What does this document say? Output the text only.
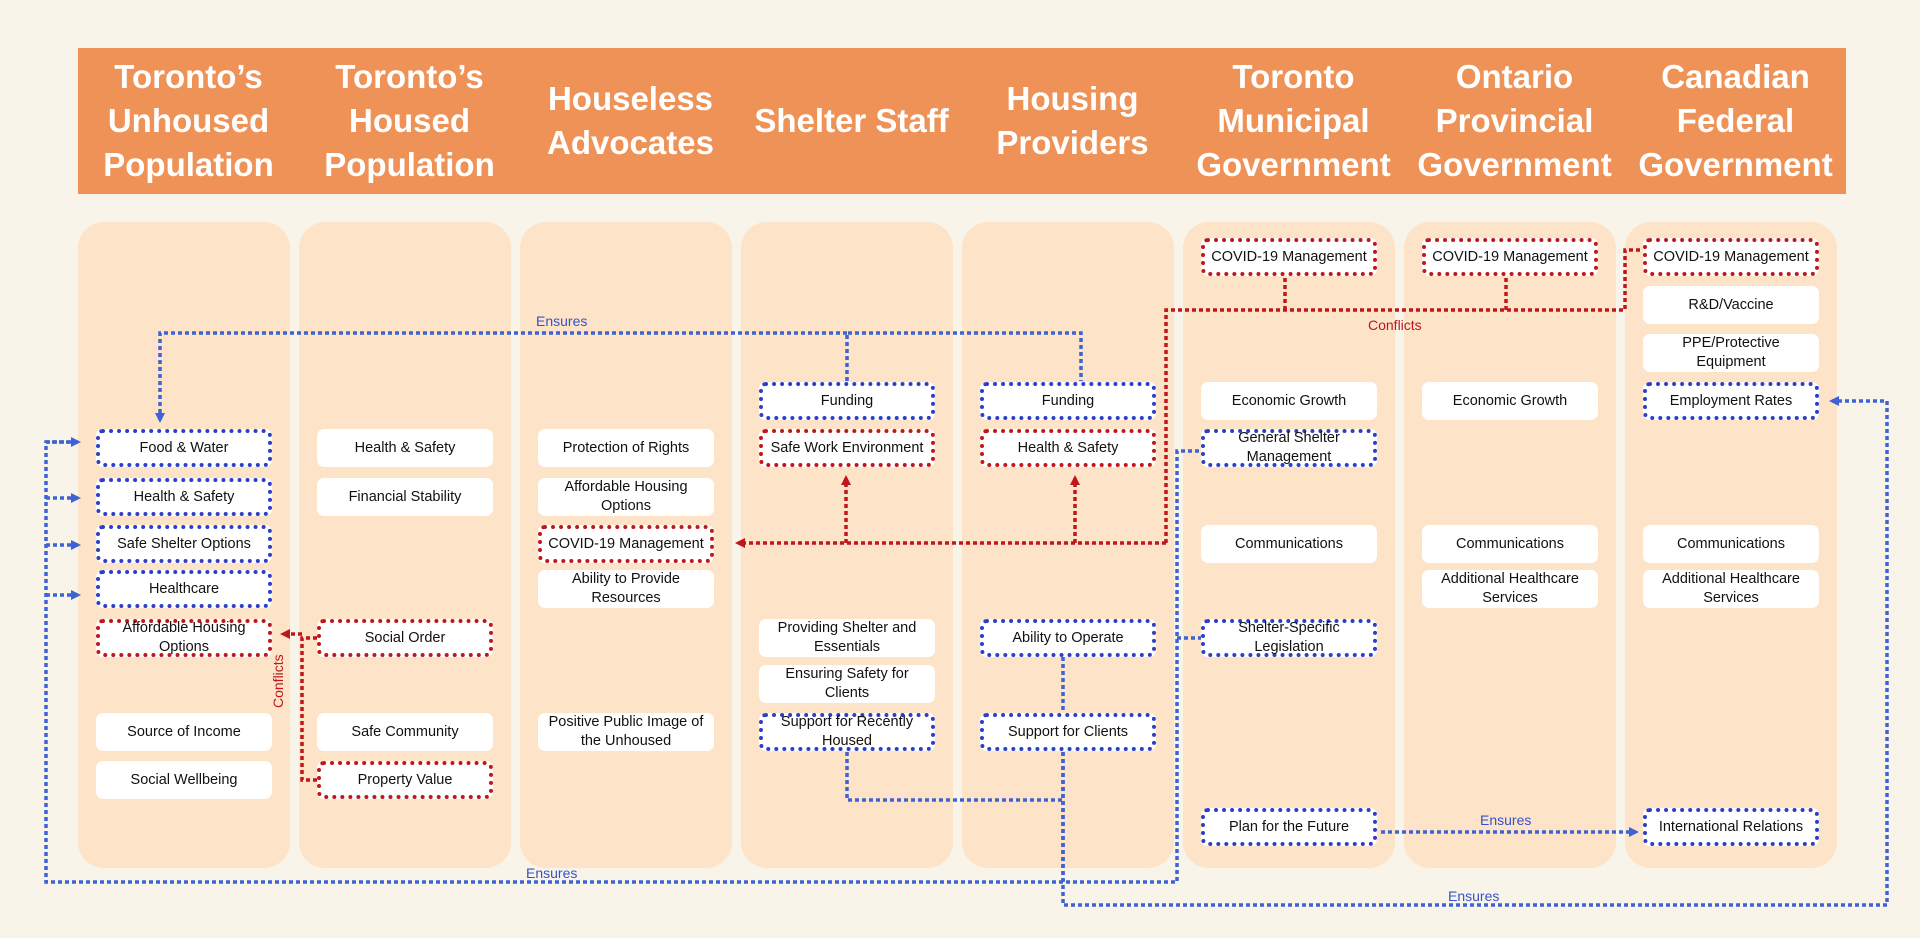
Toronto’s Unhoused Population
Toronto’s Housed Population
Houseless Advocates
Shelter Staff
Housing Providers
Toronto Municipal Government
Ontario Provincial Government
Canadian Federal Government
Food & Water
Health & Safety
Safe Shelter Options
Healthcare
Affordable Housing Options
Source of Income
Social Wellbeing
Health & Safety
Financial Stability
Social Order
Safe Community
Property Value
Protection of Rights
Affordable Housing Options
COVID-19 Management
Ability to Provide Resources
Positive Public Image of the Unhoused
Funding
Safe Work Environment
Providing Shelter and Essentials
Ensuring Safety for Clients
Support for Recently Housed
Funding
Health & Safety
Ability to Operate
Support for Clients
COVID-19 Management
Economic Growth
General Shelter Management
Communications
Shelter-Specific Legislation
Plan for the Future
COVID-19 Management
Economic Growth
Communications
Additional Healthcare Services
COVID-19 Management
R&D/Vaccine
PPE/Protective Equipment
Employment Rates
Communications
Additional Healthcare Services
International Relations
Ensures
Ensures
Ensures
Ensures
Conflicts
Conflicts
